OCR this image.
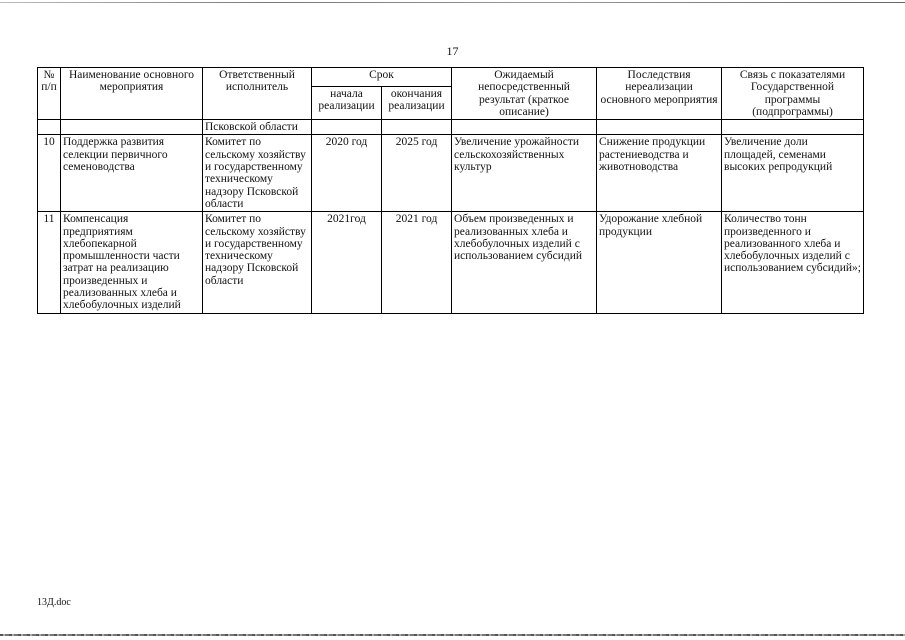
17
№ п/п	Наименование основного мероприятия	Ответственный исполнитель	Срок		Ожидаемый непосредственный результат (краткое описание)	Последствия нереализации основного мероприятия	Связь с показателями Государственной программы (подпрограммы)
			начала реализации	окончания реализации			
		Псковской области					
10	Поддержка развития селекции первичного семеноводства	Комитет по сельскому хозяйству и государственному техническому надзору Псковской области	2020 год	2025 год	Увеличение урожайности сельскохозяйственных культур	Снижение продукции растениеводства и животноводства	Увеличение доли площадей, семенами высоких репродукций
11	Компенсация предприятиям хлебопекарной промышленности части затрат на реализацию произведенных и реализованных хлеба и хлебобулочных изделий	Комитет по сельскому хозяйству и государственному техническому надзору Псковской области	2021год	2021 год	Объем произведенных и реализованных хлеба и хлебобулочных изделий с использованием субсидий	Удорожание хлебной продукции	Количество тонн произведенного и реализованного хлеба и хлебобулочных изделий с использованием субсидий»;
13Д.doc
